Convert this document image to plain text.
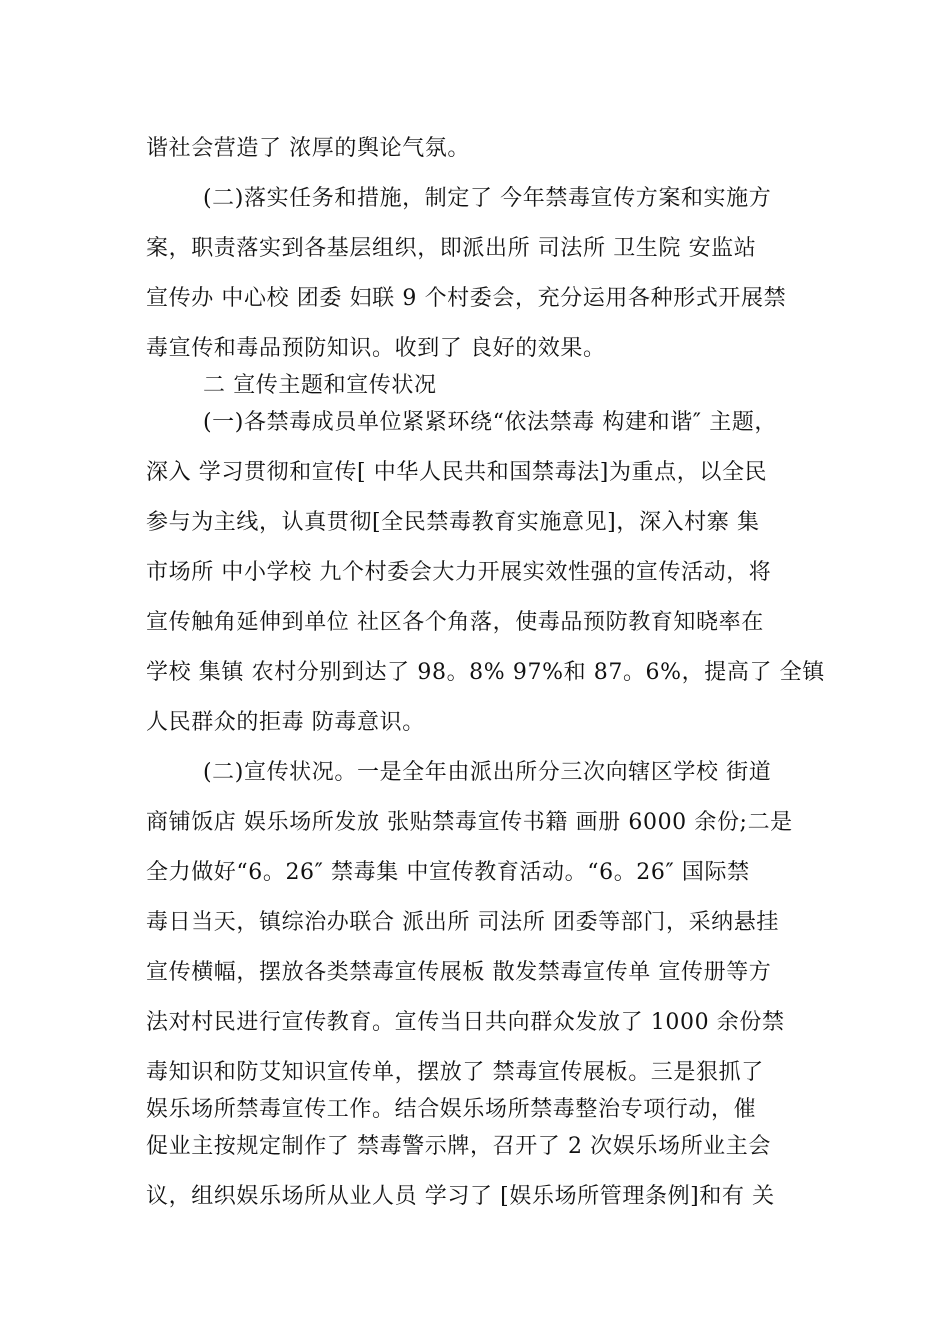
谐社会营造了 浓厚的舆论气氛。
(二)落实任务和措施，制定了 今年禁毒宣传方案和实施方
案，职责落实到各基层组织，即派出所 司法所 卫生院 安监站
宣传办 中心校 团委 妇联 9 个村委会，充分运用各种形式开展禁
毒宣传和毒品预防知识。收到了 良好的效果。
二 宣传主题和宣传状况
(一)各禁毒成员单位紧紧环绕“依法禁毒 构建和谐″ 主题，
深入 学习贯彻和宣传[ 中华人民共和国禁毒法]为重点，以全民
参与为主线，认真贯彻[全民禁毒教育实施意见]，深入村寨 集
市场所 中小学校 九个村委会大力开展实效性强的宣传活动，将
宣传触角延伸到单位 社区各个角落，使毒品预防教育知晓率在
学校 集镇 农村分别到达了 98。8% 97%和 87。6%，提高了 全镇
人民群众的拒毒 防毒意识。
(二)宣传状况。一是全年由派出所分三次向辖区学校 街道
商铺饭店 娱乐场所发放 张贴禁毒宣传书籍 画册 6000 余份;二是
全力做好“6。26″ 禁毒集 中宣传教育活动。“6。26″ 国际禁
毒日当天，镇综治办联合 派出所 司法所 团委等部门，采纳悬挂
宣传横幅，摆放各类禁毒宣传展板 散发禁毒宣传单 宣传册等方
法对村民进行宣传教育。宣传当日共向群众发放了 1000 余份禁
毒知识和防艾知识宣传单，摆放了 禁毒宣传展板。三是狠抓了
娱乐场所禁毒宣传工作。结合娱乐场所禁毒整治专项行动，催
促业主按规定制作了 禁毒警示牌，召开了 2 次娱乐场所业主会
议，组织娱乐场所从业人员 学习了 [娱乐场所管理条例]和有 关
